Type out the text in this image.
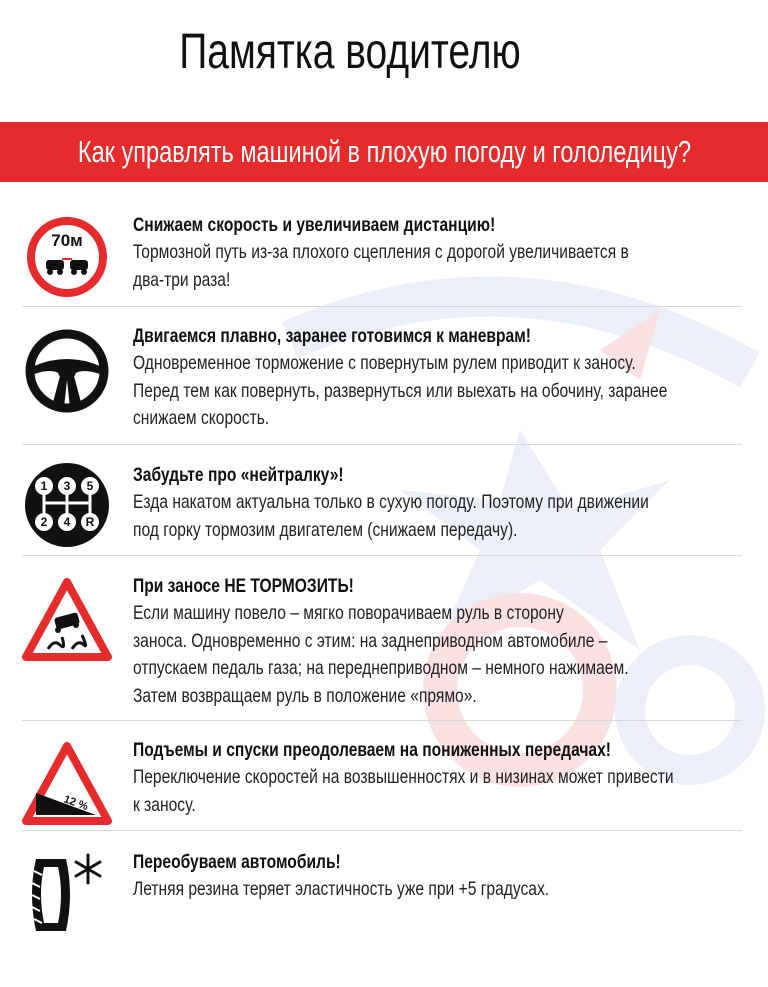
Памятка водителю
Как управлять машиной в плохую погоду и гололедицу?
70м
Снижаем скорость и увеличиваем дистанцию!
Тормозной путь из-за плохого сцепления с дорогой увеличивается в
два-три раза!
Двигаемся плавно, заранее готовимся к маневрам!
Одновременное торможение с повернутым рулем приводит к заносу.
Перед тем как повернуть, развернуться или выехать на обочину, заранее
снижаем скорость.
1 3 5
2 4 R
Забудьте про «нейтралку»!
Езда накатом актуальна только в сухую погоду. Поэтому при движении
под горку тормозим двигателем (снижаем передачу).
При заносе НЕ ТОРМОЗИТЬ!
Если машину повело – мягко поворачиваем руль в сторону
заноса. Одновременно с этим: на заднеприводном автомобиле –
отпускаем педаль газа; на переднеприводном – немного нажимаем.
Затем возвращаем руль в положение «прямо».
12 %
Подъемы и спуски преодолеваем на пониженных передачах!
Переключение скоростей на возвышенностях и в низинах может привести
к заносу.
Переобуваем автомобиль!
Летняя резина теряет эластичность уже при +5 градусах.
